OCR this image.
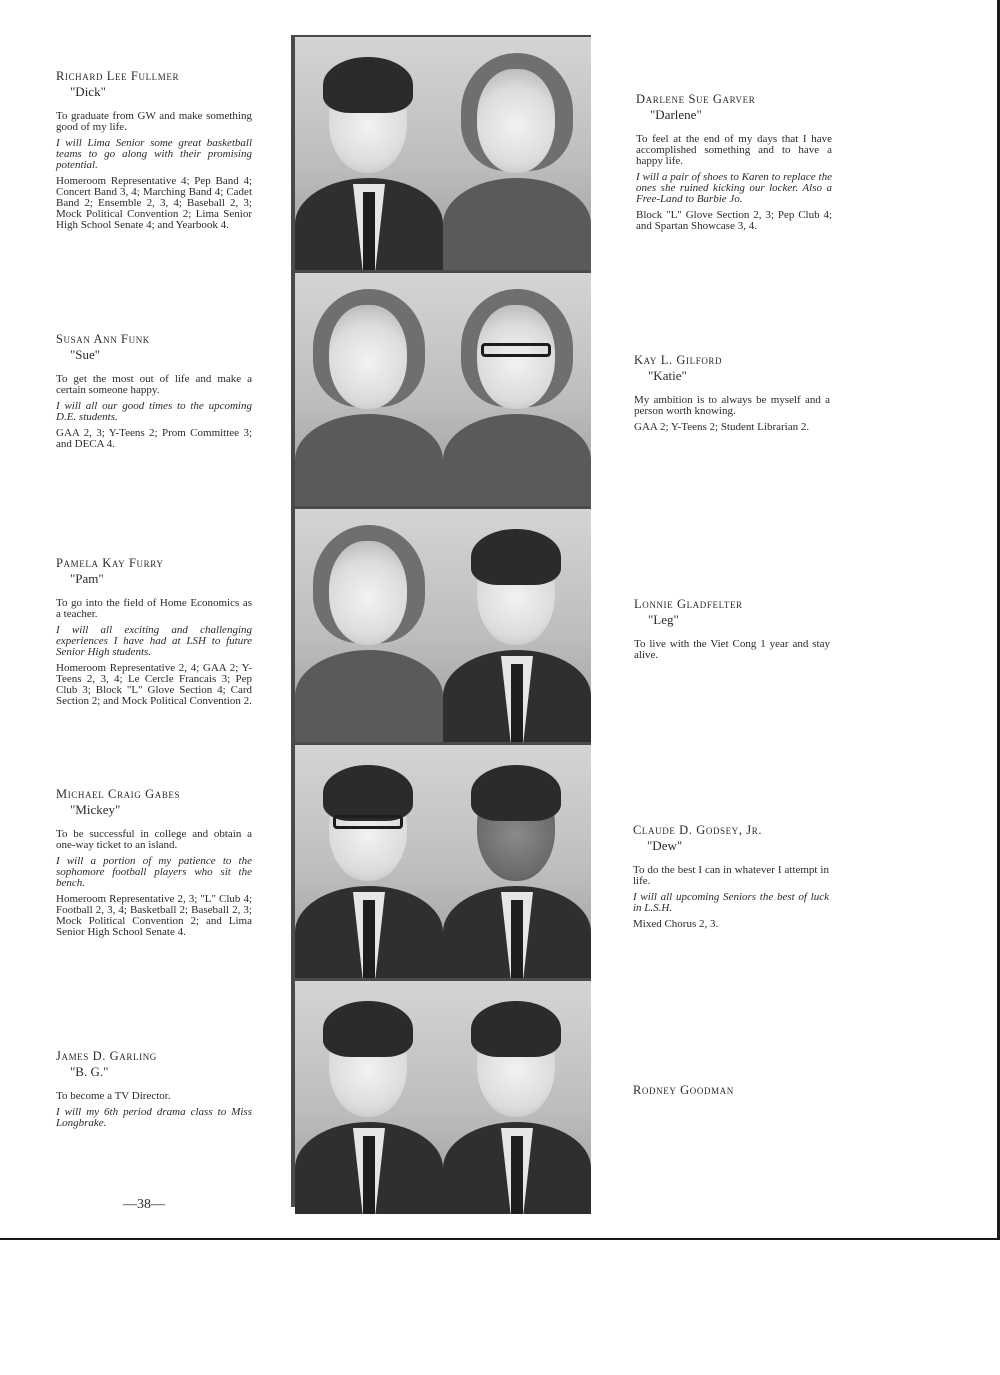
Richard Lee Fullmer
"Dick"

To graduate from GW and make something good of my life.

I will Lima Senior some great basketball teams to go along with their promising potential.

Homeroom Representative 4; Pep Band 4; Concert Band 3, 4; Marching Band 4; Cadet Band 2; Ensemble 2, 3, 4; Baseball 2, 3; Mock Political Convention 2; Lima Senior High School Senate 4; and Yearbook 4.

Susan Ann Funk
"Sue"

To get the most out of life and make a certain someone happy.

I will all our good times to the upcoming D.E. students.

GAA 2, 3; Y-Teens 2; Prom Committee 3; and DECA 4.

Pamela Kay Furry
"Pam"

To go into the field of Home Economics as a teacher.

I will all exciting and challenging experiences I have had at LSH to future Senior High students.

Homeroom Representative 2, 4; GAA 2; Y-Teens 2, 3, 4; Le Cercle Francais 3; Pep Club 3; Block "L" Glove Section 4; Card Section 2; and Mock Political Convention 2.

Michael Craig Gabes
"Mickey"

To be successful in college and obtain a one-way ticket to an island.

I will a portion of my patience to the sophomore football players who sit the bench.

Homeroom Representative 2, 3; "L" Club 4; Football 2, 3, 4; Basketball 2; Baseball 2, 3; Mock Political Convention 2; and Lima Senior High School Senate 4.

James D. Garling
"B. G."

To become a TV Director.

I will my 6th period drama class to Miss Longbrake.

Darlene Sue Garver
"Darlene"

To feel at the end of my days that I have accomplished something and to have a happy life.

I will a pair of shoes to Karen to replace the ones she ruined kicking our locker. Also a Free-Land to Barbie Jo.

Block "L" Glove Section 2, 3; Pep Club 4; and Spartan Showcase 3, 4.

Kay L. Gilford
"Katie"

My ambition is to always be myself and a person worth knowing.

GAA 2; Y-Teens 2; Student Librarian 2.

Lonnie Gladfelter
"Leg"

To live with the Viet Cong 1 year and stay alive.

Claude D. Godsey, Jr.
"Dew"

To do the best I can in whatever I attempt in life.

I will all upcoming Seniors the best of luck in L.S.H.

Mixed Chorus 2, 3.

Rodney Goodman
—38—
